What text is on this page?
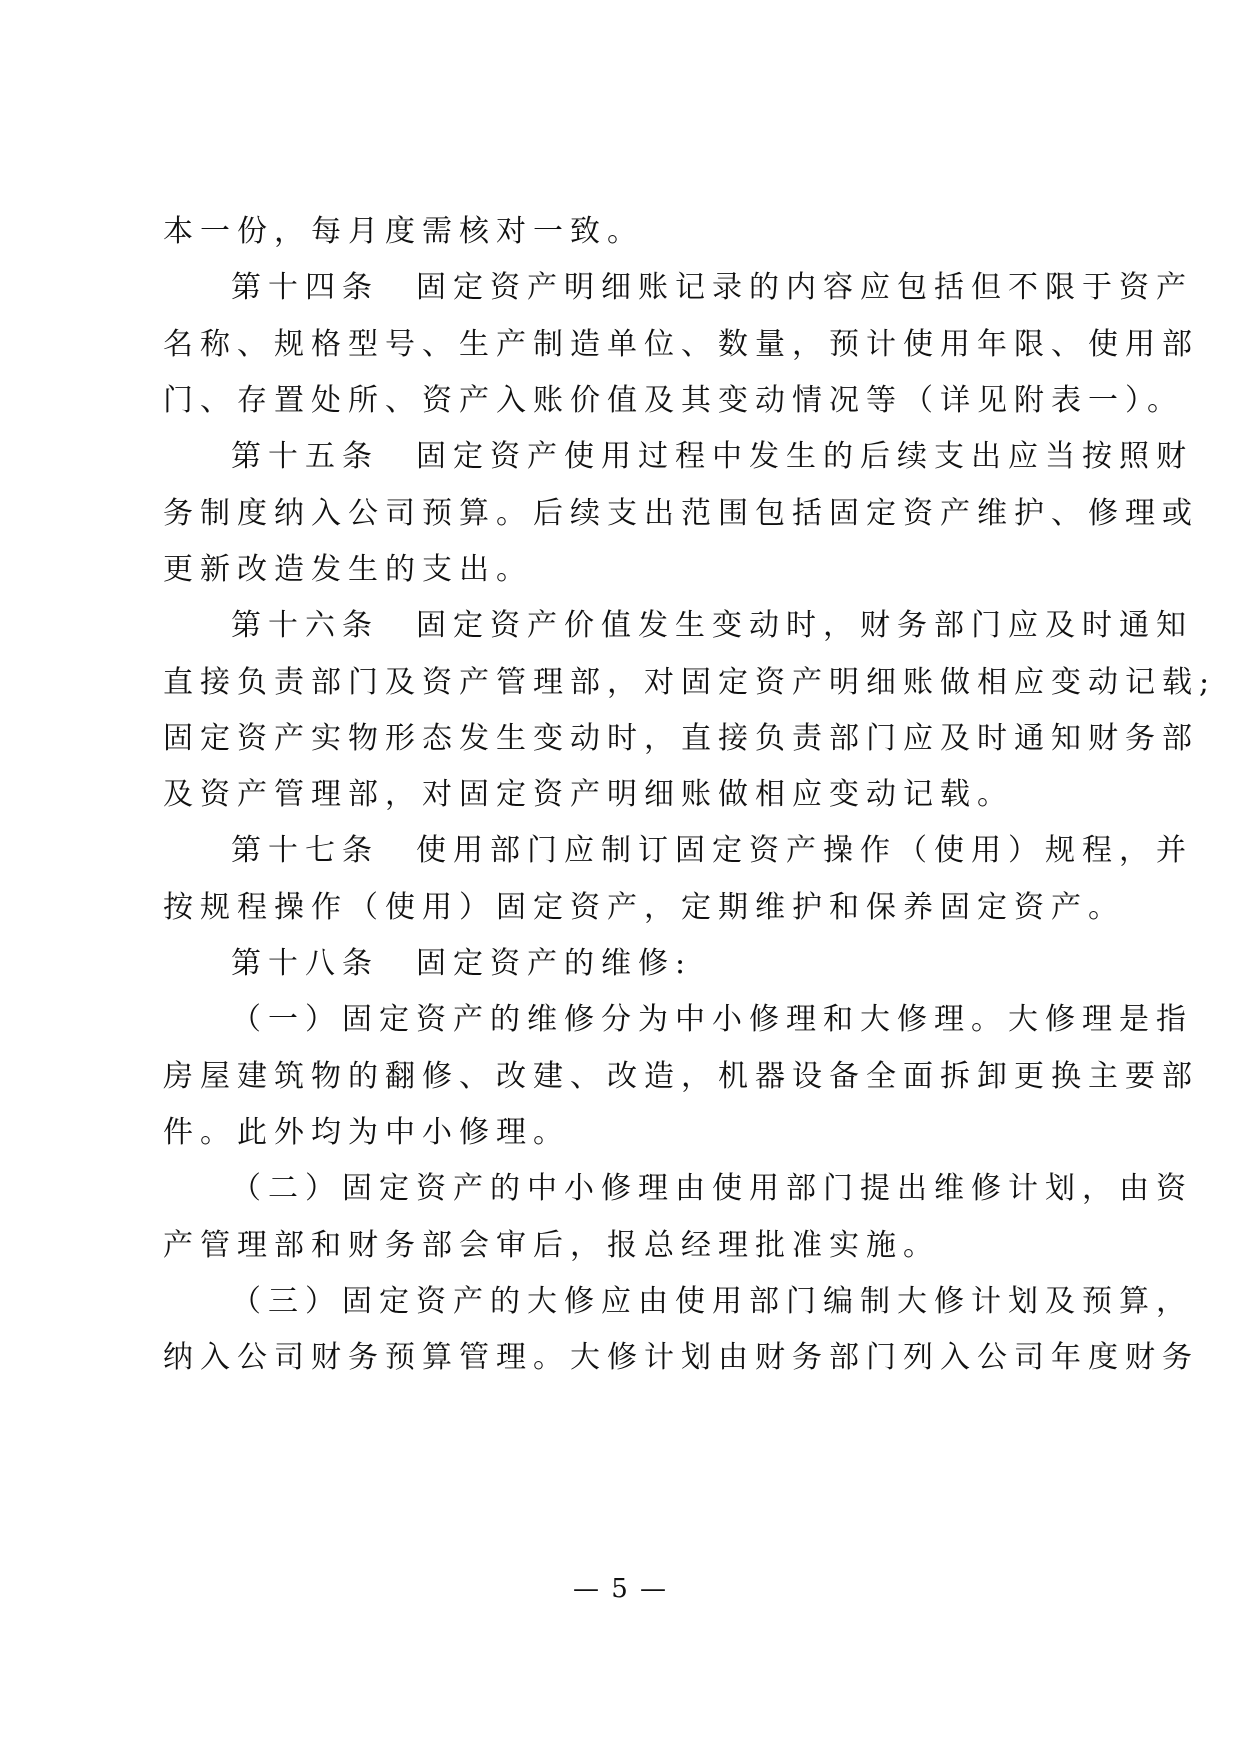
本一份，每月度需核对一致。
第十四条　固定资产明细账记录的内容应包括但不限于资产
名称、规格型号、生产制造单位、数量，预计使用年限、使用部
门、存置处所、资产入账价值及其变动情况等（详见附表一）。
第十五条　固定资产使用过程中发生的后续支出应当按照财
务制度纳入公司预算。后续支出范围包括固定资产维护、修理或
更新改造发生的支出。
第十六条　固定资产价值发生变动时，财务部门应及时通知
直接负责部门及资产管理部，对固定资产明细账做相应变动记载;
固定资产实物形态发生变动时，直接负责部门应及时通知财务部
及资产管理部，对固定资产明细账做相应变动记载。
第十七条　使用部门应制订固定资产操作（使用）规程，并
按规程操作（使用）固定资产，定期维护和保养固定资产。
第十八条　固定资产的维修:
（一）固定资产的维修分为中小修理和大修理。大修理是指
房屋建筑物的翻修、改建、改造，机器设备全面拆卸更换主要部
件。此外均为中小修理。
（二）固定资产的中小修理由使用部门提出维修计划，由资
产管理部和财务部会审后，报总经理批准实施。
（三）固定资产的大修应由使用部门编制大修计划及预算，
纳入公司财务预算管理。大修计划由财务部门列入公司年度财务
— 5 —
